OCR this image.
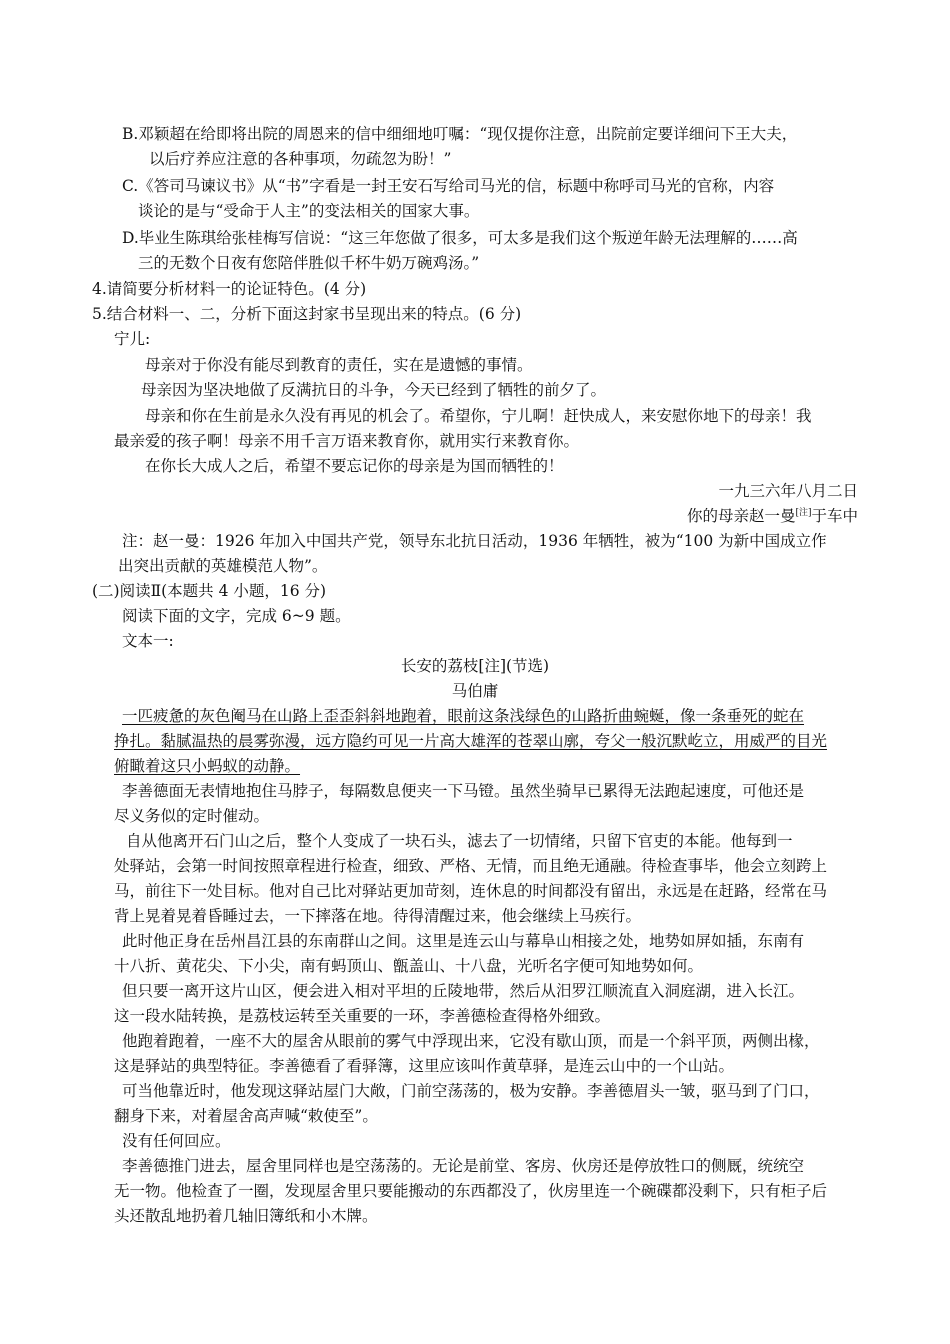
B.邓颖超在给即将出院的周恩来的信中细细地叮嘱：“现仅提你注意，出院前定要详细问下王大夫，

以后疗养应注意的各种事项，勿疏忽为盼！”

C.《答司马谏议书》从“书”字看是一封王安石写给司马光的信，标题中称呼司马光的官称，内容

谈论的是与“受命于人主”的变法相关的国家大事。

D.毕业生陈琪给张桂梅写信说：“这三年您做了很多，可太多是我们这个叛逆年龄无法理解的……高

三的无数个日夜有您陪伴胜似千杯牛奶万碗鸡汤。”

4.请简要分析材料一的论证特色。(4 分)

5.结合材料一、二，分析下面这封家书呈现出来的特点。(6 分)

宁儿:

母亲对于你没有能尽到教育的责任，实在是遗憾的事情。

母亲因为坚决地做了反满抗日的斗争，今天已经到了牺牲的前夕了。

母亲和你在生前是永久没有再见的机会了。希望你，宁儿啊！赶快成人，来安慰你地下的母亲！我

最亲爱的孩子啊！母亲不用千言万语来教育你，就用实行来教育你。

在你长大成人之后，希望不要忘记你的母亲是为国而牺牲的！

一九三六年八月二日

你的母亲赵一曼[注]于车中

注：赵一曼：1926 年加入中国共产党，领导东北抗日活动，1936 年牺牲，被为“100 为新中国成立作

出突出贡献的英雄模范人物”。

(二)阅读Ⅱ(本题共 4 小题，16 分)

阅读下面的文字，完成 6~9 题。

文本一:

长安的荔枝[注](节选)

马伯庸

一匹疲惫的灰色阉马在山路上歪歪斜斜地跑着，眼前这条浅绿色的山路折曲蜿蜒，像一条垂死的蛇在

挣扎。黏腻温热的晨雾弥漫，远方隐约可见一片高大雄浑的苍翠山廓，夸父一般沉默屹立，用威严的目光

俯瞰着这只小蚂蚁的动静。

李善德面无表情地抱住马脖子，每隔数息便夹一下马镫。虽然坐骑早已累得无法跑起速度，可他还是

尽义务似的定时催动。

自从他离开石门山之后，整个人变成了一块石头，滤去了一切情绪，只留下官吏的本能。他每到一

处驿站，会第一时间按照章程进行检查，细致、严格、无情，而且绝无通融。待检查事毕，他会立刻跨上

马，前往下一处目标。他对自己比对驿站更加苛刻，连休息的时间都没有留出，永远是在赶路，经常在马

背上晃着晃着昏睡过去，一下摔落在地。待得清醒过来，他会继续上马疾行。

此时他正身在岳州昌江县的东南群山之间。这里是连云山与幕阜山相接之处，地势如屏如插，东南有

十八折、黄花尖、下小尖，南有蚂顶山、甑盖山、十八盘，光听名字便可知地势如何。

但只要一离开这片山区，便会进入相对平坦的丘陵地带，然后从汨罗江顺流直入洞庭湖，进入长江。

这一段水陆转换，是荔枝运转至关重要的一环，李善德检查得格外细致。

他跑着跑着，一座不大的屋舍从眼前的雾气中浮现出来，它没有歇山顶，而是一个斜平顶，两侧出椽，

这是驿站的典型特征。李善德看了看驿簿，这里应该叫作黄草驿，是连云山中的一个山站。

可当他靠近时，他发现这驿站屋门大敞，门前空荡荡的，极为安静。李善德眉头一皱，驱马到了门口，

翻身下来，对着屋舍高声喊“敕使至”。

没有任何回应。

李善德推门进去，屋舍里同样也是空荡荡的。无论是前堂、客房、伙房还是停放牲口的侧厩，统统空

无一物。他检查了一圈，发现屋舍里只要能搬动的东西都没了，伙房里连一个碗碟都没剩下，只有柜子后

头还散乱地扔着几轴旧簿纸和小木牌。
